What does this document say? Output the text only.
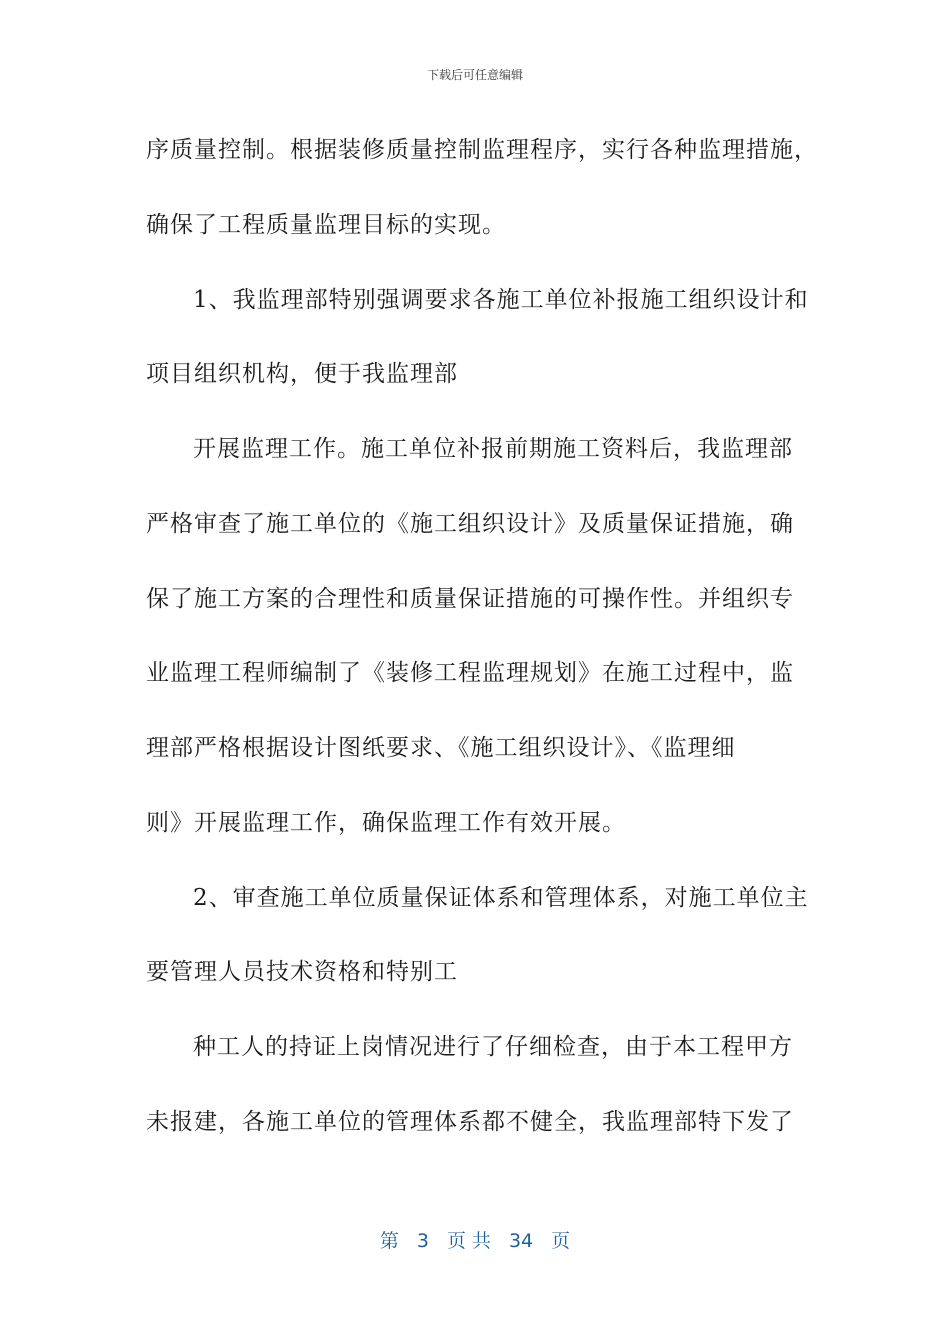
下载后可任意编辑
序质量控制。根据装修质量控制监理程序，实行各种监理措施，
确保了工程质量监理目标的实现。
1、我监理部特别强调要求各施工单位补报施工组织设计和
项目组织机构，便于我监理部
开展监理工作。施工单位补报前期施工资料后，我监理部
严格审查了施工单位的《施工组织设计》及质量保证措施，确
保了施工方案的合理性和质量保证措施的可操作性。并组织专
业监理工程师编制了《装修工程监理规划》在施工过程中，监
理部严格根据设计图纸要求、《施工组织设计》、《监理细
则》开展监理工作，确保监理工作有效开展。
2、审查施工单位质量保证体系和管理体系，对施工单位主
要管理人员技术资格和特别工
种工人的持证上岗情况进行了仔细检查，由于本工程甲方
未报建，各施工单位的管理体系都不健全，我监理部特下发了
第 3 页 共 34 页
